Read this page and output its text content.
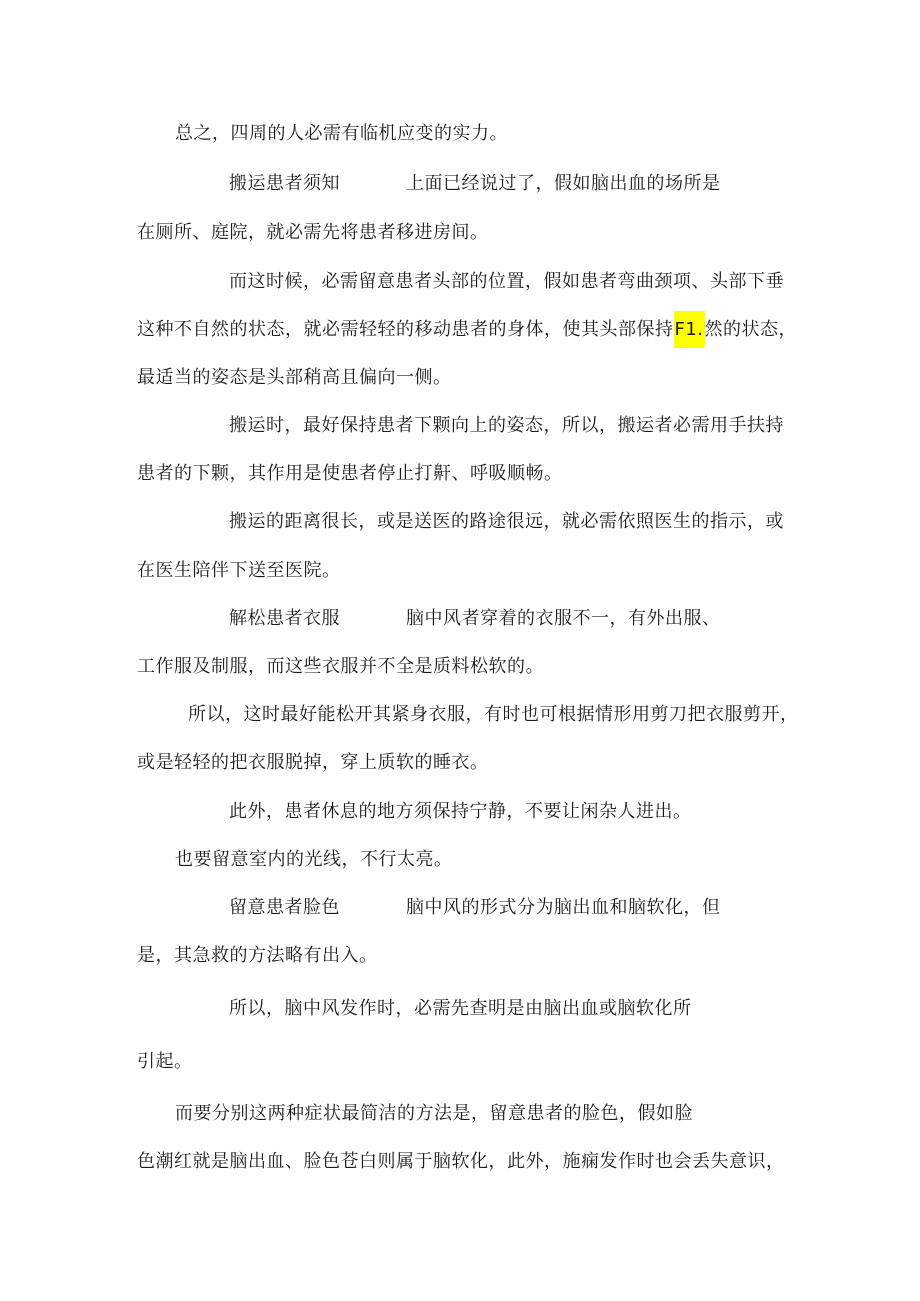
总之，四周的人必需有临机应变的实力。
搬运患者须知	上面已经说过了，假如脑出血的场所是
在厕所、庭院，就必需先将患者移进房间。
而这时候，必需留意患者头部的位置，假如患者弯曲颈项、头部下垂
这种不自然的状态，就必需轻轻的移动患者的身体，使其头部保持F1.然的状态，
最适当的姿态是头部稍高且偏向一侧。
搬运时，最好保持患者下颗向上的姿态，所以，搬运者必需用手扶持
患者的下颗，其作用是使患者停止打鼾、呼吸顺畅。
搬运的距离很长，或是送医的路途很远，就必需依照医生的指示，或
在医生陪伴下送至医院。
解松患者衣服	脑中风者穿着的衣服不一，有外出服、
工作服及制服，而这些衣服并不全是质料松软的。
所以，这时最好能松开其紧身衣服，有时也可根据情形用剪刀把衣服剪开，
或是轻轻的把衣服脱掉，穿上质软的睡衣。
此外，患者休息的地方须保持宁静，不要让闲杂人进出。
也要留意室内的光线，不行太亮。
留意患者脸色	脑中风的形式分为脑出血和脑软化，但
是，其急救的方法略有出入。
所以，脑中风发作时，必需先查明是由脑出血或脑软化所
引起。
而要分别这两种症状最简洁的方法是，留意患者的脸色，假如脸
色潮红就是脑出血、脸色苍白则属于脑软化，此外，施痫发作时也会丢失意识，
